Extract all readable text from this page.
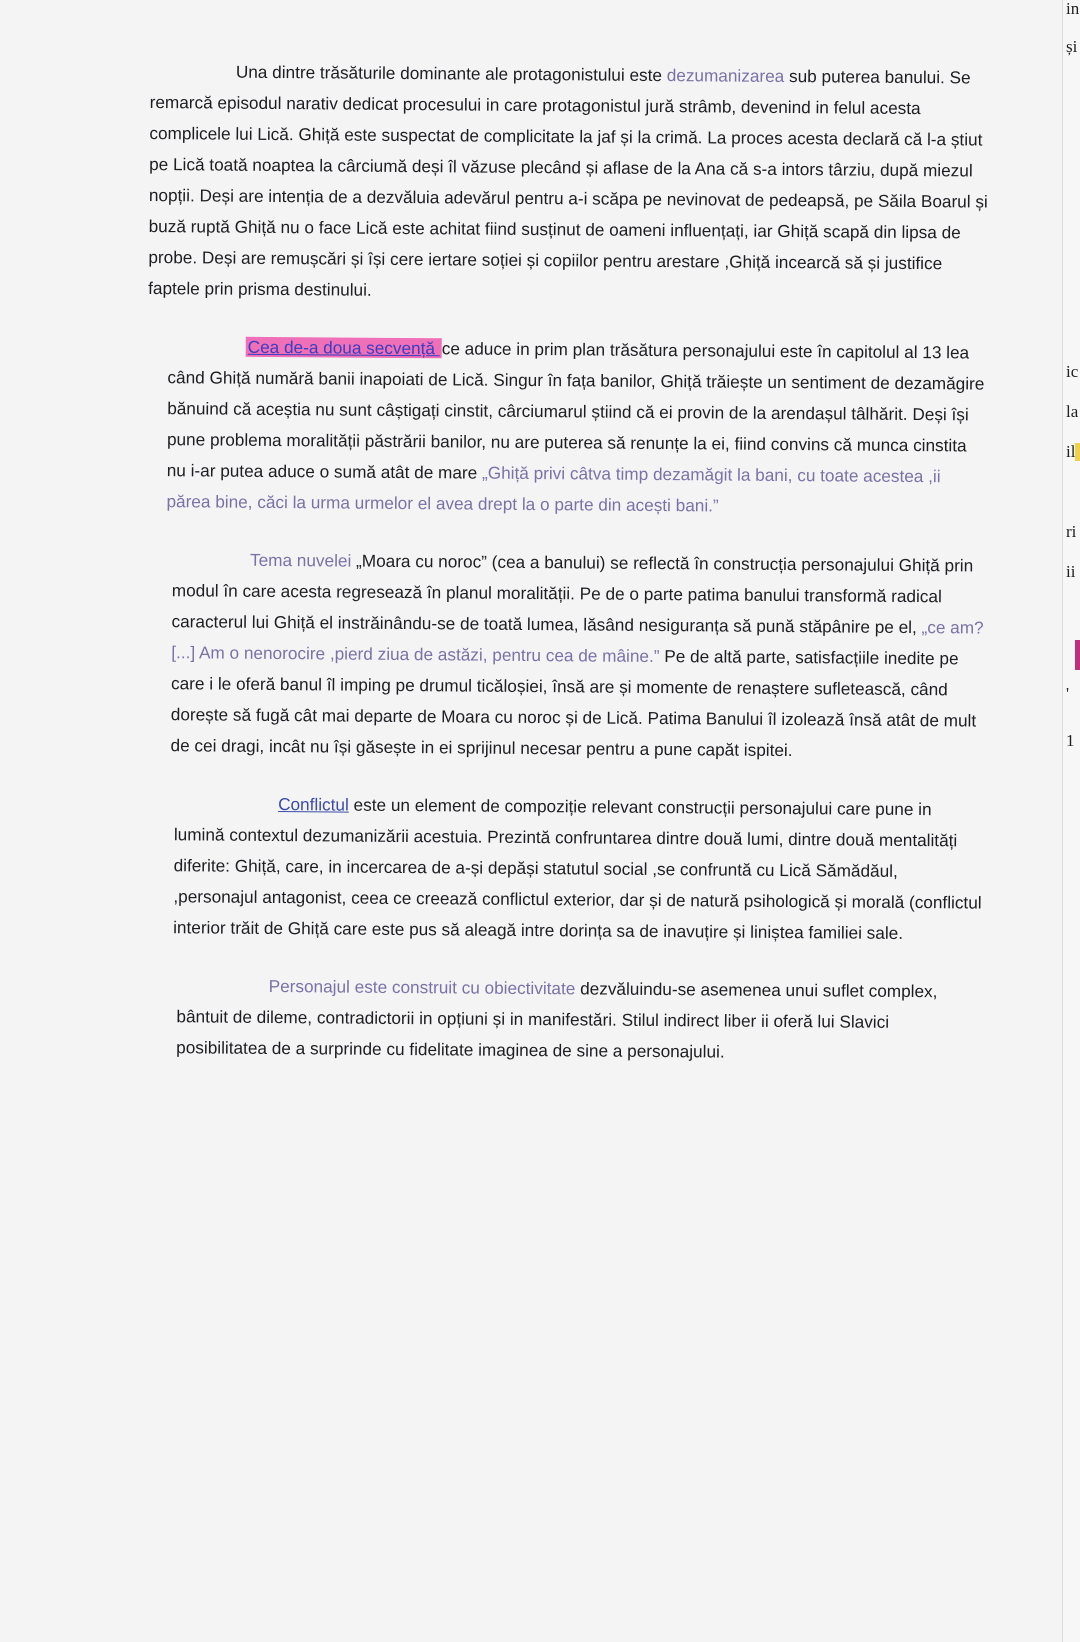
Una dintre trăsăturile dominante ale protagonistului este dezumanizarea sub puterea banului. Se remarcă episodul narativ dedicat procesului in care protagonistul jură strâmb, devenind in felul acesta complicele lui Lică. Ghiță este suspectat de complicitate la jaf și la crimă. La proces acesta declară că l-a știut pe Lică toată noaptea la cârciumă deși îl văzuse plecând și aflase de la Ana că s-a intors târziu, după miezul nopții. Deși are intenția de a dezvăluia adevărul pentru a-i scăpa pe nevinovat de pedeapsă, pe Săila Boarul și buză ruptă Ghiță nu o face Lică este achitat fiind susținut de oameni influențați, iar Ghiță scapă din lipsa de probe. Deși are remușcări și își cere iertare soției și copiilor pentru arestare ,Ghiță incearcă să și justifice faptele prin prisma destinului.

Cea de-a doua secvență ce aduce in prim plan trăsătura personajului este în capitolul al 13 lea când Ghiță numără banii inapoiati de Lică. Singur în fața banilor, Ghiță trăiește un sentiment de dezamăgire bănuind că aceștia nu sunt câștigați cinstit, cârciumarul știind că ei provin de la arendașul tâlhărit. Deși își pune problema moralității păstrării banilor, nu are puterea să renunțe la ei, fiind convins că munca cinstita nu i-ar putea aduce o sumă atât de mare „Ghiță privi câtva timp dezamăgit la bani, cu toate acestea ,ii părea bine, căci la urma urmelor el avea drept la o parte din acești bani.”

Tema nuvelei „Moara cu noroc” (cea a banului) se reflectă în construcția personajului Ghiță prin modul în care acesta regresează în planul moralității. Pe de o parte patima banului transformă radical caracterul lui Ghiță el instrăinându-se de toată lumea, lăsând nesiguranța să pună stăpânire pe el, „ce am?[...] Am o nenorocire ,pierd ziua de astăzi, pentru cea de mâine.” Pe de altă parte, satisfacțiile inedite pe care i le oferă banul îl imping pe drumul ticăloșiei, însă are și momente de renaștere sufletească, când dorește să fugă cât mai departe de Moara cu noroc și de Lică. Patima Banului îl izolează însă atât de mult de cei dragi, incât nu își găsește in ei sprijinul necesar pentru a pune capăt ispitei.

Conflictul este un element de compoziție relevant construcții personajului care pune in lumină contextul dezumanizării acestuia. Prezintă confruntarea dintre două lumi, dintre două mentalități diferite: Ghiță, care, in incercarea de a-și depăși statutul social ,se confruntă cu Lică Sămădăul, ,personajul antagonist, ceea ce creează conflictul exterior, dar și de natură psihologică și morală (conflictul interior trăit de Ghiță care este pus să aleagă intre dorința sa de inavuțire și liniștea familiei sale.

Personajul este construit cu obiectivitate dezvăluindu-se asemenea unui suflet complex, bântuit de dileme, contradictorii in opțiuni și in manifestări. Stilul indirect liber ii oferă lui Slavici posibilitatea de a surprinde cu fidelitate imaginea de sine a personajului.

in
și
ic
la
il
ri
ii
'
1
